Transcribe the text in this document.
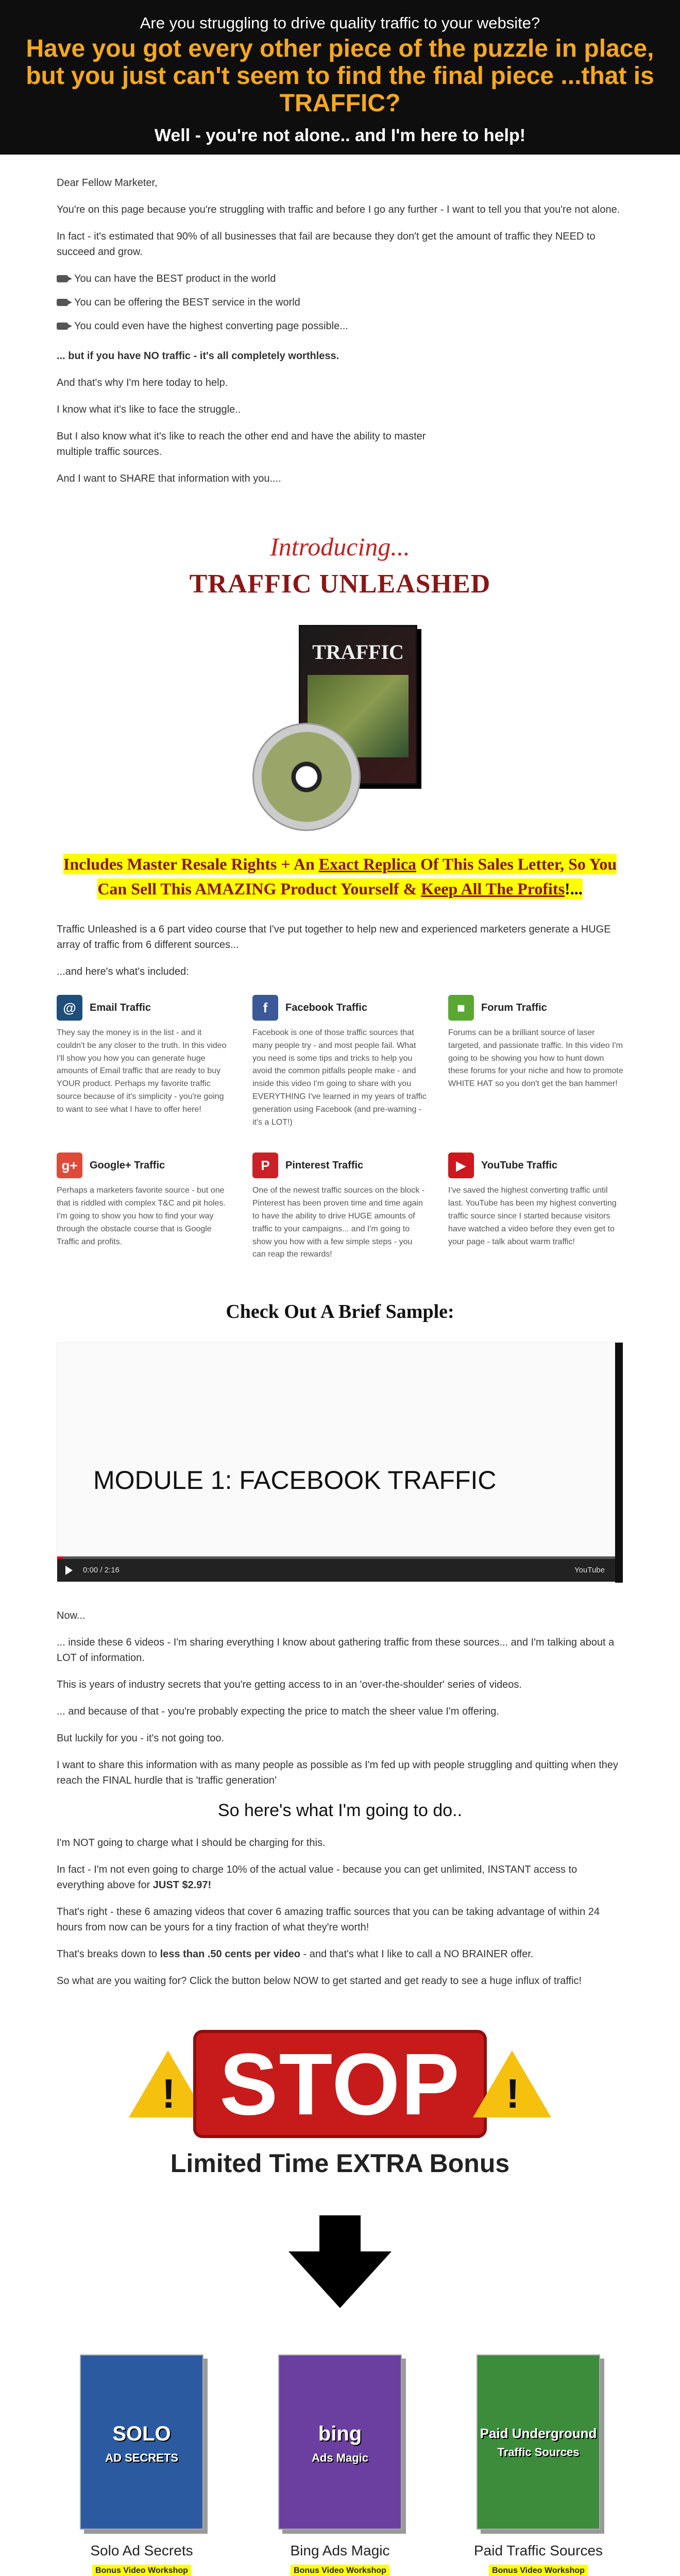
Are you struggling to drive quality traffic to your website?
Have you got every other piece of the puzzle in place, but you just can't seem to find the final piece ...that is TRAFFIC?
Well - you're not alone.. and I'm here to help!

Dear Fellow Marketer,

You're on this page because you're struggling with traffic and before I go any further - I want to tell you that you're not alone.

In fact - it's estimated that 90% of all businesses that fail are because they don't get the amount of traffic they NEED to succeed and grow.

You can have the BEST product in the world
You can be offering the BEST service in the world
You could even have the highest converting page possible...

... but if you have NO traffic - it's all completely worthless.

And that's why I'm here today to help.

I know what it's like to face the struggle..

But I also know what it's like to reach the other end and have the ability to master multiple traffic sources.

And I want to SHARE that information with you....

Introducing...
TRAFFIC UNLEASHED
TRAFFIC
Includes Master Resale Rights + An Exact Replica Of This Sales Letter, So You Can Sell This AMAZING Product Yourself & Keep All The Profits!...

Traffic Unleashed is a 6 part video course that I've put together to help new and experienced marketers generate a HUGE array of traffic from 6 different sources...

...and here's what's included:

@	Email Traffic

They say the money is in the list - and it couldn't be any closer to the truth. In this video I'll show you how you can generate huge amounts of Email traffic that are ready to buy YOUR product. Perhaps my favorite traffic source because of it's simplicity - you're going to want to see what I have to offer here!

f	Facebook Traffic

Facebook is one of those traffic sources that many people try - and most people fail. What you need is some tips and tricks to help you avoid the common pitfalls people make - and inside this video I'm going to share with you EVERYTHING I've learned in my years of traffic generation using Facebook (and pre-warning - it's a LOT!)

■	Forum Traffic

Forums can be a brilliant source of laser targeted, and passionate traffic. In this video I'm going to be showing you how to hunt down these forums for your niche and how to promote WHITE HAT so you don't get the ban hammer!

g+	Google+ Traffic

Perhaps a marketers favorite source - but one that is riddled with complex T&C and pit holes. I'm going to show you how to find your way through the obstacle course that is Google Traffic and profits.

P	Pinterest Traffic

One of the newest traffic sources on the block - Pinterest has been proven time and time again to have the ability to drive HUGE amounts of traffic to your campaigns... and I'm going to show you how with a few simple steps - you can reap the rewards!

▶	YouTube Traffic

I've saved the highest converting traffic until last. YouTube has been my highest converting traffic source since I started because visitors have watched a video before they even get to your page - talk about warm traffic!

Check Out A Brief Sample:
MODULE 1: FACEBOOK TRAFFIC
0:00 / 2:16	YouTube

Now...

... inside these 6 videos - I'm sharing everything I know about gathering traffic from these sources... and I'm talking about a LOT of information.

This is years of industry secrets that you're getting access to in an 'over-the-shoulder' series of videos.

... and because of that - you're probably expecting the price to match the sheer value I'm offering.

But luckily for you - it's not going too.

I want to share this information with as many people as possible as I'm fed up with people struggling and quitting when they reach the FINAL hurdle that is 'traffic generation'

So here's what I'm going to do..

I'm NOT going to charge what I should be charging for this.

In fact - I'm not even going to charge 10% of the actual value - because you can get unlimited, INSTANT access to everything above for JUST $2.97!

That's right - these 6 amazing videos that cover 6 amazing traffic sources that you can be taking advantage of within 24 hours from now can be yours for a tiny fraction of what they're worth!

That's breaks down to less than .50 cents per video - and that's what I like to call a NO BRAINER offer.

So what are you waiting for? Click the button below NOW to get started and get ready to see a huge influx of traffic!

! STOP	!
Limited Time EXTRA Bonus
SOLO
AD SECRETS
Solo Ad Secrets
Bonus Video Workshop
bing
Ads Magic
Bing Ads Magic
Bonus Video Workshop
Paid Underground
Traffic Sources
Paid Traffic Sources
Bonus Video Workshop
